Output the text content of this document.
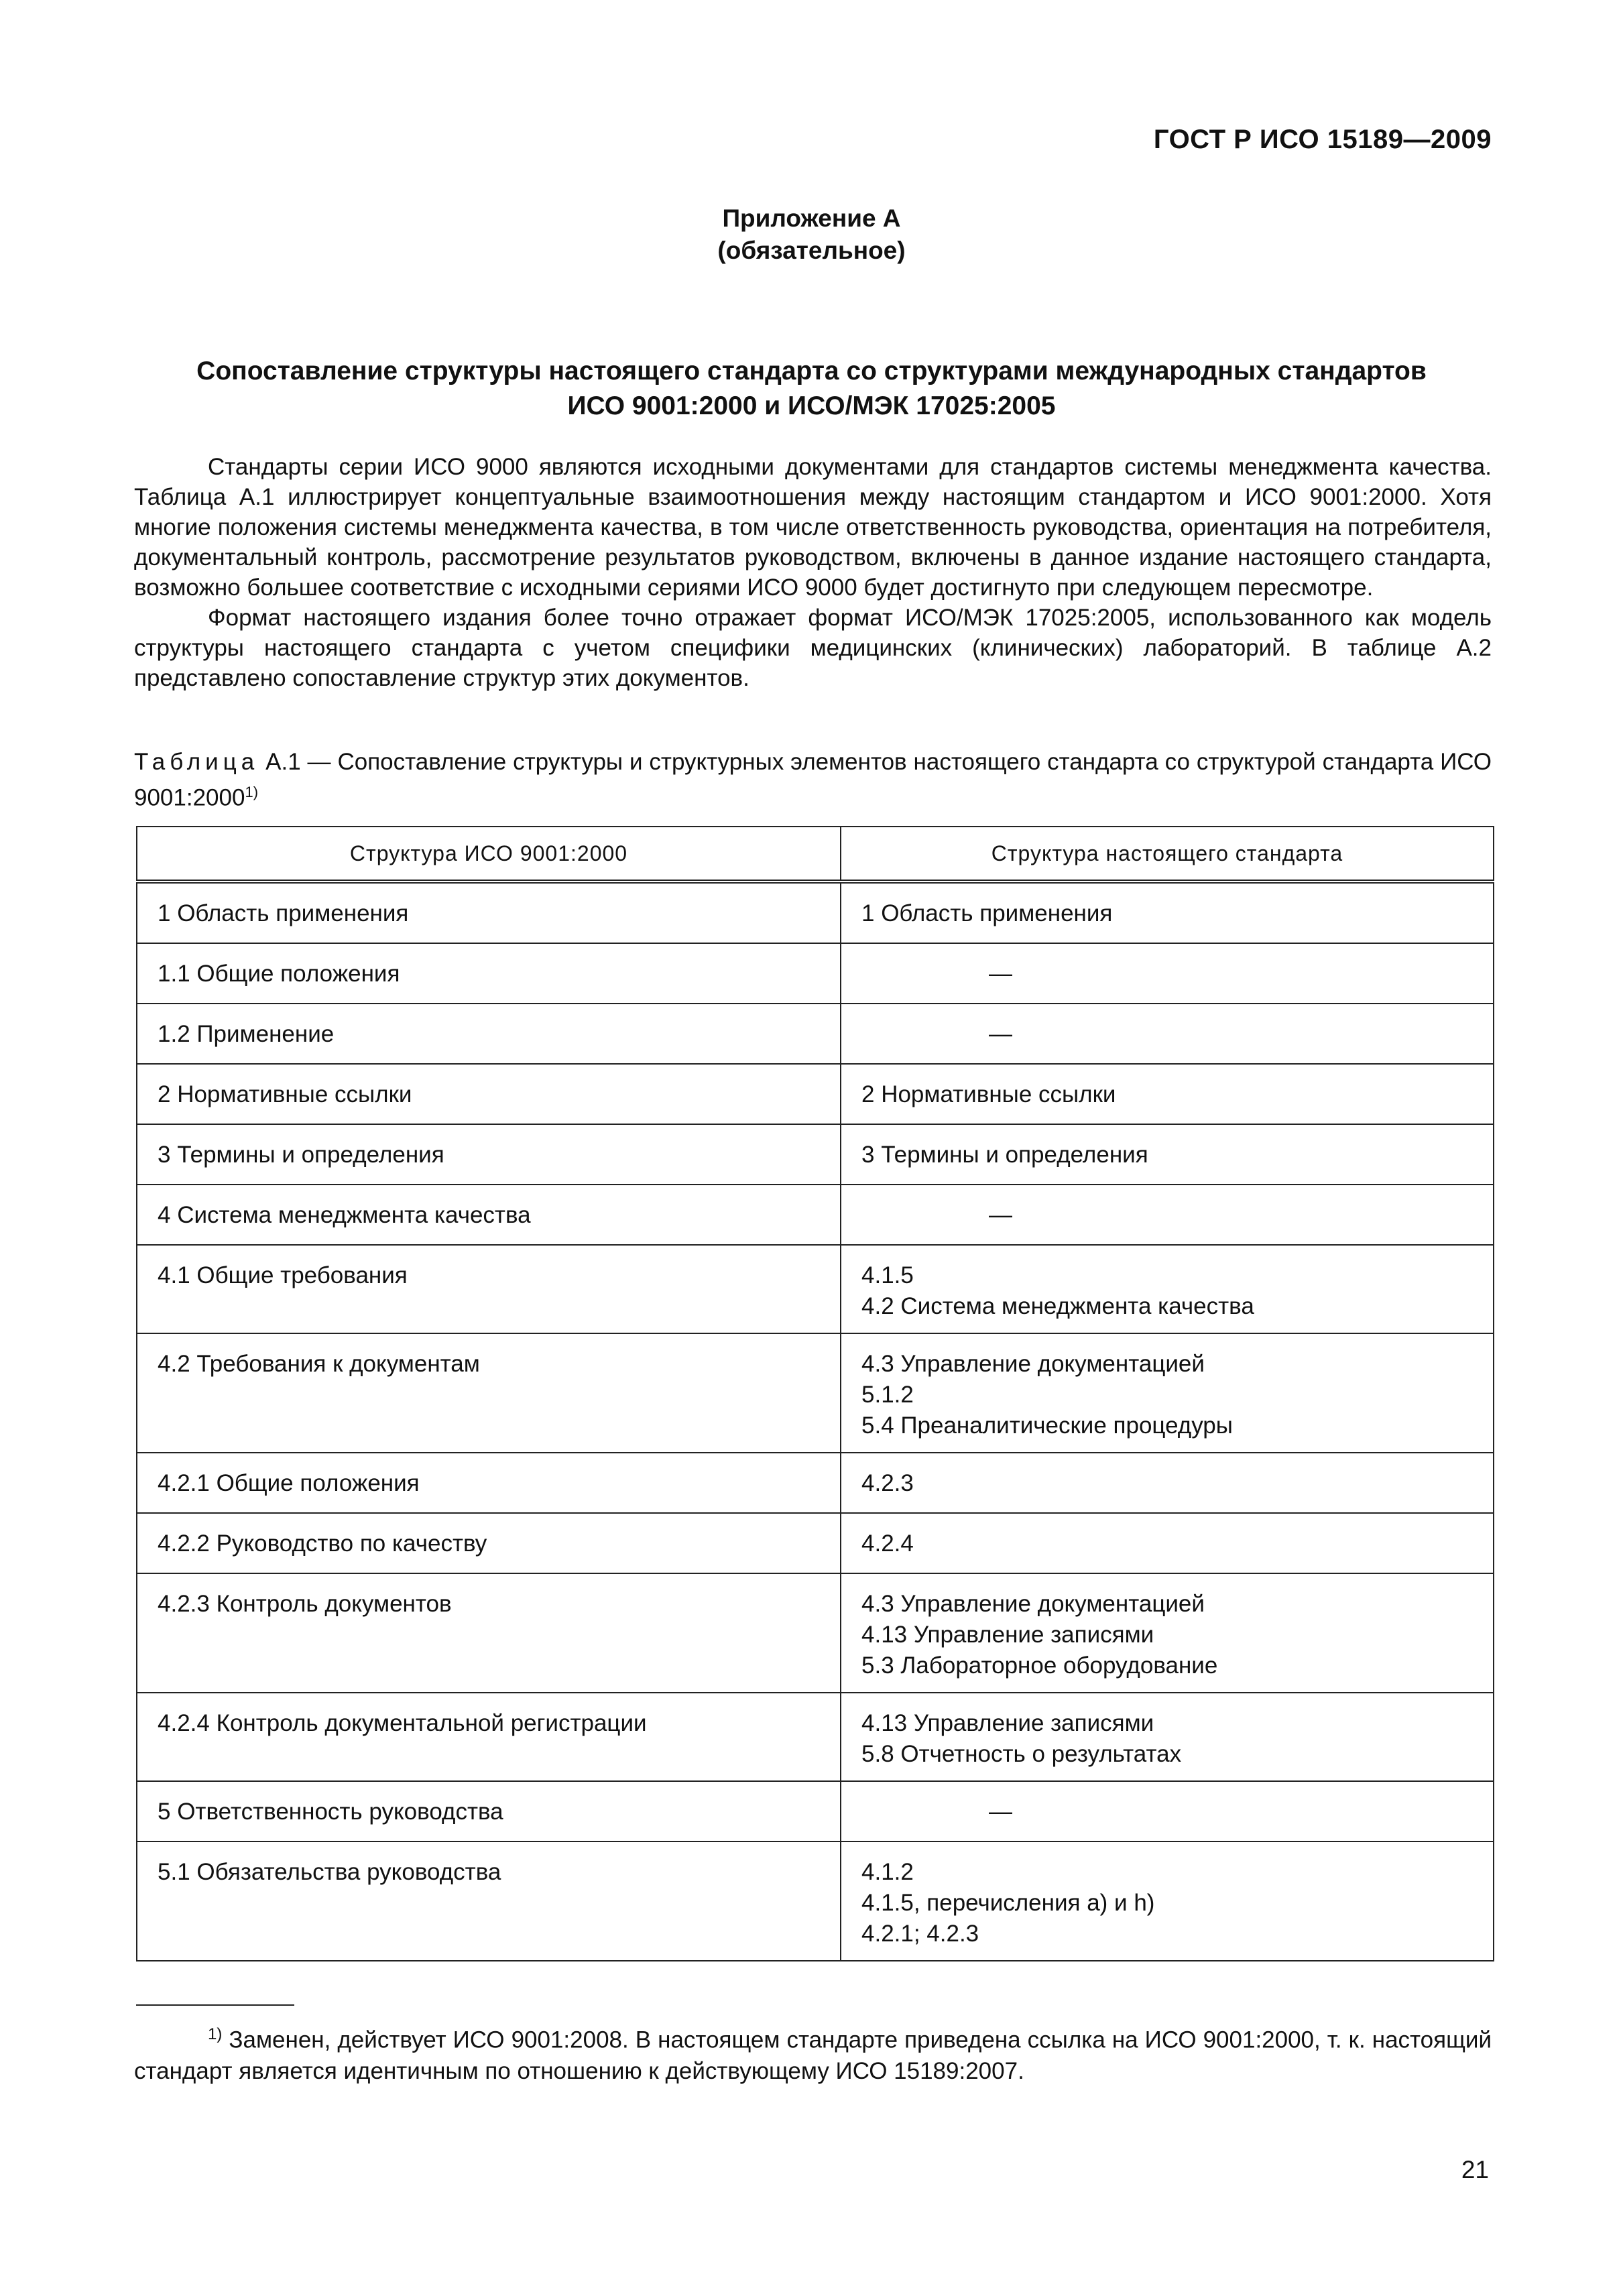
ГОСТ Р ИСО 15189—2009
Приложение А
(обязательное)
Сопоставление структуры настоящего стандарта со структурами международных стандартов
ИСО 9001:2000 и ИСО/МЭК 17025:2005

Стандарты серии ИСО 9000 являются исходными документами для стандартов системы менеджмента качества. Таблица А.1 иллюстрирует концептуальные взаимоотношения между настоящим стандартом и ИСО 9001:2000. Хотя многие положения системы менеджмента качества, в том числе ответственность руководства, ориентация на потребителя, документальный контроль, рассмотрение результатов руководством, включены в данное издание настоящего стандарта, возможно большее соответствие с исходными сериями ИСО 9000 будет достигнуто при следующем пересмотре.

Формат настоящего издания более точно отражает формат ИСО/МЭК 17025:2005, использованного как модель структуры настоящего стандарта с учетом специфики медицинских (клинических) лабораторий. В таблице А.2 представлено сопоставление структур этих документов.

Таблица А.1 — Сопоставление структуры и структурных элементов настоящего стандарта со структурой стандарта ИСО 9001:2000$^{1)}$
Структура ИСО 9001:2000	Структура настоящего стандарта
1 Область применения	1 Область применения

1.1 Общие положения	—

1.2 Применение	—

2 Нормативные ссылки	2 Нормативные ссылки

3 Термины и определения	3 Термины и определения

4 Система менеджмента качества	—

4.1 Общие требования	4.1.5
4.2 Система менеджмента качества

4.2 Требования к документам	4.3 Управление документацией
5.1.2
5.4 Преаналитические процедуры

4.2.1 Общие положения	4.2.3

4.2.2 Руководство по качеству	4.2.4

4.2.3 Контроль документов	4.3 Управление документацией
4.13 Управление записями
5.3 Лабораторное оборудование

4.2.4 Контроль документальной регистрации	4.13 Управление записями
5.8 Отчетность о результатах

5 Ответственность руководства	—

5.1 Обязательства руководства	4.1.2
4.1.5, перечисления а) и h)
4.2.1; 4.2.3
$^{1)}$ Заменен, действует ИСО 9001:2008. В настоящем стандарте приведена ссылка на ИСО 9001:2000, т. к. настоящий стандарт является идентичным по отношению к действующему ИСО 15189:2007.
21
